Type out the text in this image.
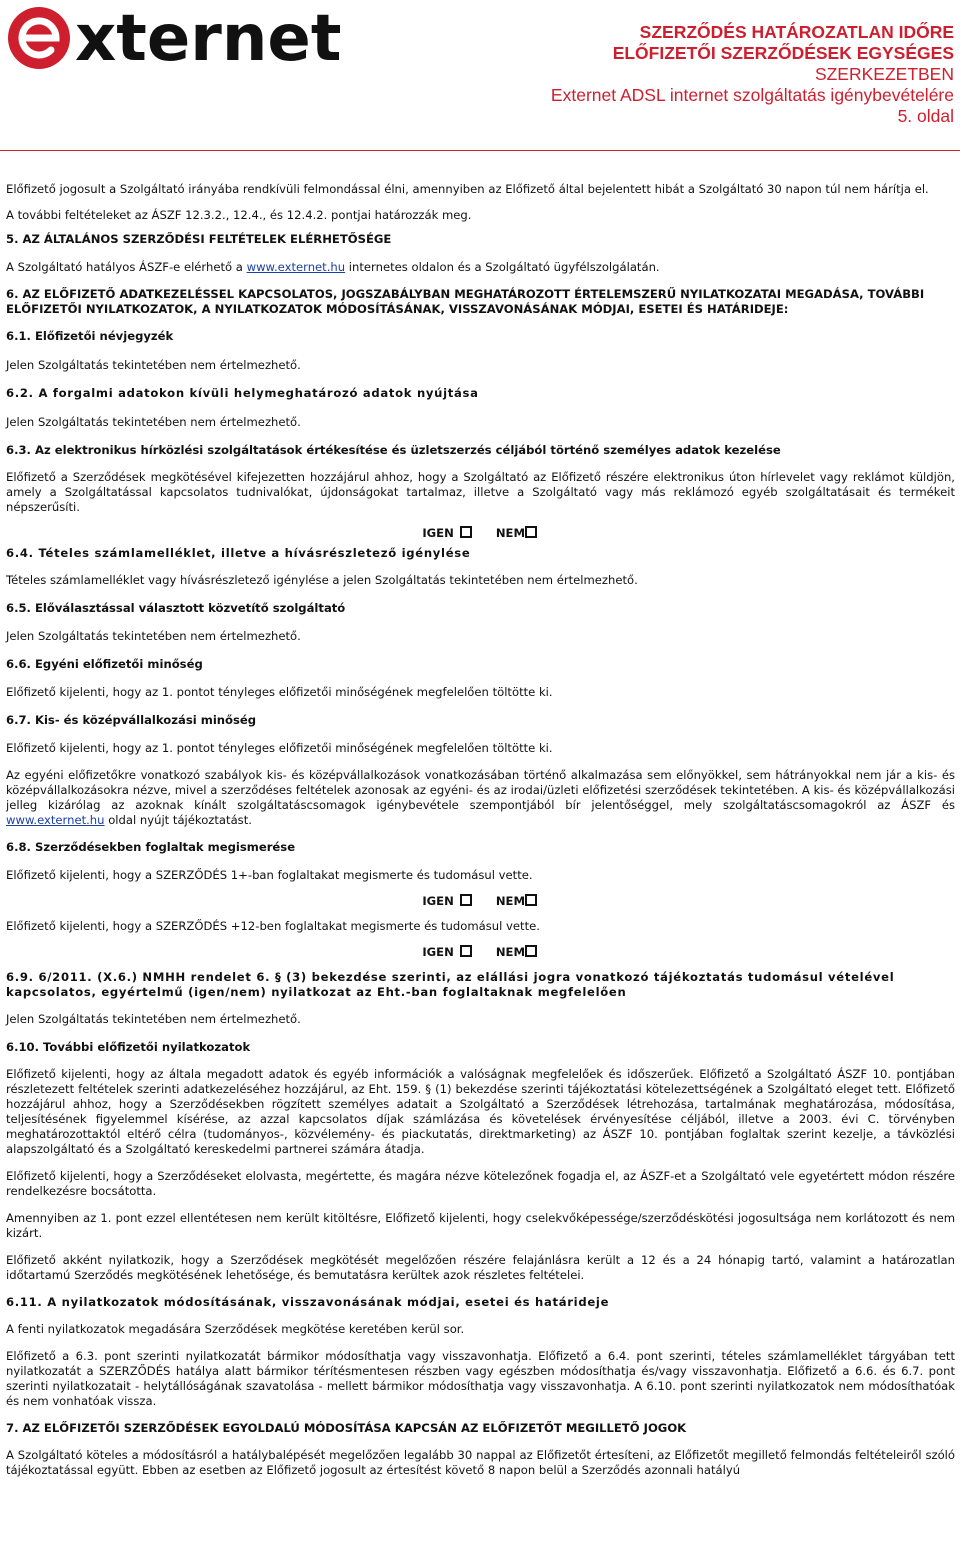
xternet	SZERZŐDÉS HATÁROZATLAN IDŐRE
ELŐFIZETŐI SZERZŐDÉSEK EGYSÉGES
SZERKEZETBEN
Externet ADSL internet szolgáltatás igénybevételére
5. oldal

Előfizető jogosult a Szolgáltató irányába rendkívüli felmondással élni, amennyiben az Előfizető által bejelentett hibát a Szolgáltató 30 napon túl nem hárítja el.

A további feltételeket az ÁSZF 12.3.2., 12.4., és 12.4.2. pontjai határozzák meg.

5. AZ ÁLTALÁNOS SZERZŐDÉSI FELTÉTELEK ELÉRHETŐSÉGE

A Szolgáltató hatályos ÁSZF-e elérhető a www.externet.hu internetes oldalon és a Szolgáltató ügyfélszolgálatán.

6. AZ ELŐFIZETŐ ADATKEZELÉSSEL KAPCSOLATOS, JOGSZABÁLYBAN MEGHATÁROZOTT ÉRTELEMSZERŰ NYILATKOZATAI MEGADÁSA, TOVÁBBI ELŐFIZETŐI NYILATKOZATOK, A NYILATKOZATOK MÓDOSÍTÁSÁNAK, VISSZAVONÁSÁNAK MÓDJAI, ESETEI ÉS HATÁRIDEJE:
6.1. Előfizetői névjegyzék

Jelen Szolgáltatás tekintetében nem értelmezhető.

6.2. A forgalmi adatokon kívüli helymeghatározó adatok nyújtása

Jelen Szolgáltatás tekintetében nem értelmezhető.

6.3. Az elektronikus hírközlési szolgáltatások értékesítése és üzletszerzés céljából történő személyes adatok kezelése

Előfizető a Szerződések megkötésével kifejezetten hozzájárul ahhoz, hogy a Szolgáltató az Előfizető részére elektronikus úton hírlevelet vagy reklámot küldjön, amely a Szolgáltatással kapcsolatos tudnivalókat, újdonságokat tartalmaz, illetve a Szolgáltató vagy más reklámozó egyéb szolgáltatásait és termékeit népszerűsíti.

IGEN	NEM
6.4. Tételes számlamelléklet, illetve a hívásrészletező igénylése

Tételes számlamelléklet vagy hívásrészletező igénylése a jelen Szolgáltatás tekintetében nem értelmezhető.

6.5. Előválasztással választott közvetítő szolgáltató

Jelen Szolgáltatás tekintetében nem értelmezhető.

6.6. Egyéni előfizetői minőség

Előfizető kijelenti, hogy az 1. pontot tényleges előfizetői minőségének megfelelően töltötte ki.

6.7. Kis- és középvállalkozási minőség

Előfizető kijelenti, hogy az 1. pontot tényleges előfizetői minőségének megfelelően töltötte ki.

Az egyéni előfizetőkre vonatkozó szabályok kis- és középvállalkozások vonatkozásában történő alkalmazása sem előnyökkel, sem hátrányokkal nem jár a kis- és középvállalkozásokra nézve, mivel a szerződéses feltételek azonosak az egyéni- és az irodai/üzleti előfizetési szerződések tekintetében. A kis- és középvállalkozási jelleg kizárólag az azoknak kínált szolgáltatáscsomagok igénybevétele szempontjából bír jelentőséggel, mely szolgáltatáscsomagokról az ÁSZF és www.externet.hu oldal nyújt tájékoztatást.

6.8. Szerződésekben foglaltak megismerése

Előfizető kijelenti, hogy a SZERZŐDÉS 1+-ban foglaltakat megismerte és tudomásul vette.

IGEN	NEM

Előfizető kijelenti, hogy a SZERZŐDÉS +12-ben foglaltakat megismerte és tudomásul vette.

IGEN	NEM
6.9. 6/2011. (X.6.) NMHH rendelet 6. § (3) bekezdése szerinti, az elállási jogra vonatkozó tájékoztatás tudomásul vételével kapcsolatos, egyértelmű (igen/nem) nyilatkozat az Eht.-ban foglaltaknak megfelelően

Jelen Szolgáltatás tekintetében nem értelmezhető.

6.10. További előfizetői nyilatkozatok

Előfizető kijelenti, hogy az általa megadott adatok és egyéb információk a valóságnak megfelelőek és időszerűek. Előfizető a Szolgáltató ÁSZF 10. pontjában részletezett feltételek szerinti adatkezeléséhez hozzájárul, az Eht. 159. § (1) bekezdése szerinti tájékoztatási kötelezettségének a Szolgáltató eleget tett. Előfizető hozzájárul ahhoz, hogy a Szerződésekben rögzített személyes adatait a Szolgáltató a Szerződések létrehozása, tartalmának meghatározása, módosítása, teljesítésének figyelemmel kísérése, az azzal kapcsolatos díjak számlázása és követelések érvényesítése céljából, illetve a 2003. évi C. törvényben meghatározottaktól eltérő célra (tudományos-, közvélemény- és piackutatás, direktmarketing) az ÁSZF 10. pontjában foglaltak szerint kezelje, a távközlési alapszolgáltató és a Szolgáltató kereskedelmi partnerei számára átadja.

Előfizető kijelenti, hogy a Szerződéseket elolvasta, megértette, és magára nézve kötelezőnek fogadja el, az ÁSZF-et a Szolgáltató vele egyetértett módon részére rendelkezésre bocsátotta.

Amennyiben az 1. pont ezzel ellentétesen nem került kitöltésre, Előfizető kijelenti, hogy cselekvőképessége/szerződéskötési jogosultsága nem korlátozott és nem kizárt.

Előfizető akként nyilatkozik, hogy a Szerződések megkötését megelőzően részére felajánlásra került a 12 és a 24 hónapig tartó, valamint a határozatlan időtartamú Szerződés megkötésének lehetősége, és bemutatásra kerültek azok részletes feltételei.

6.11. A nyilatkozatok módosításának, visszavonásának módjai, esetei és határideje

A fenti nyilatkozatok megadására Szerződések megkötése keretében kerül sor.

Előfizető a 6.3. pont szerinti nyilatkozatát bármikor módosíthatja vagy visszavonhatja. Előfizető a 6.4. pont szerinti, tételes számlamelléklet tárgyában tett nyilatkozatát a SZERZŐDÉS hatálya alatt bármikor térítésmentesen részben vagy egészben módosíthatja és/vagy visszavonhatja. Előfizető a 6.6. és 6.7. pont szerinti nyilatkozatait - helytállóságának szavatolása - mellett bármikor módosíthatja vagy visszavonhatja. A 6.10. pont szerinti nyilatkozatok nem módosíthatóak és nem vonhatóak vissza.

7. AZ ELŐFIZETŐI SZERZŐDÉSEK EGYOLDALÚ MÓDOSÍTÁSA KAPCSÁN AZ ELŐFIZETŐT MEGILLETŐ JOGOK

A Szolgáltató köteles a módosításról a hatálybalépését megelőzően legalább 30 nappal az Előfizetőt értesíteni, az Előfizetőt megillető felmondás feltételeiről szóló tájékoztatással együtt. Ebben az esetben az Előfizető jogosult az értesítést követő 8 napon belül a Szerződés azonnali hatályú
